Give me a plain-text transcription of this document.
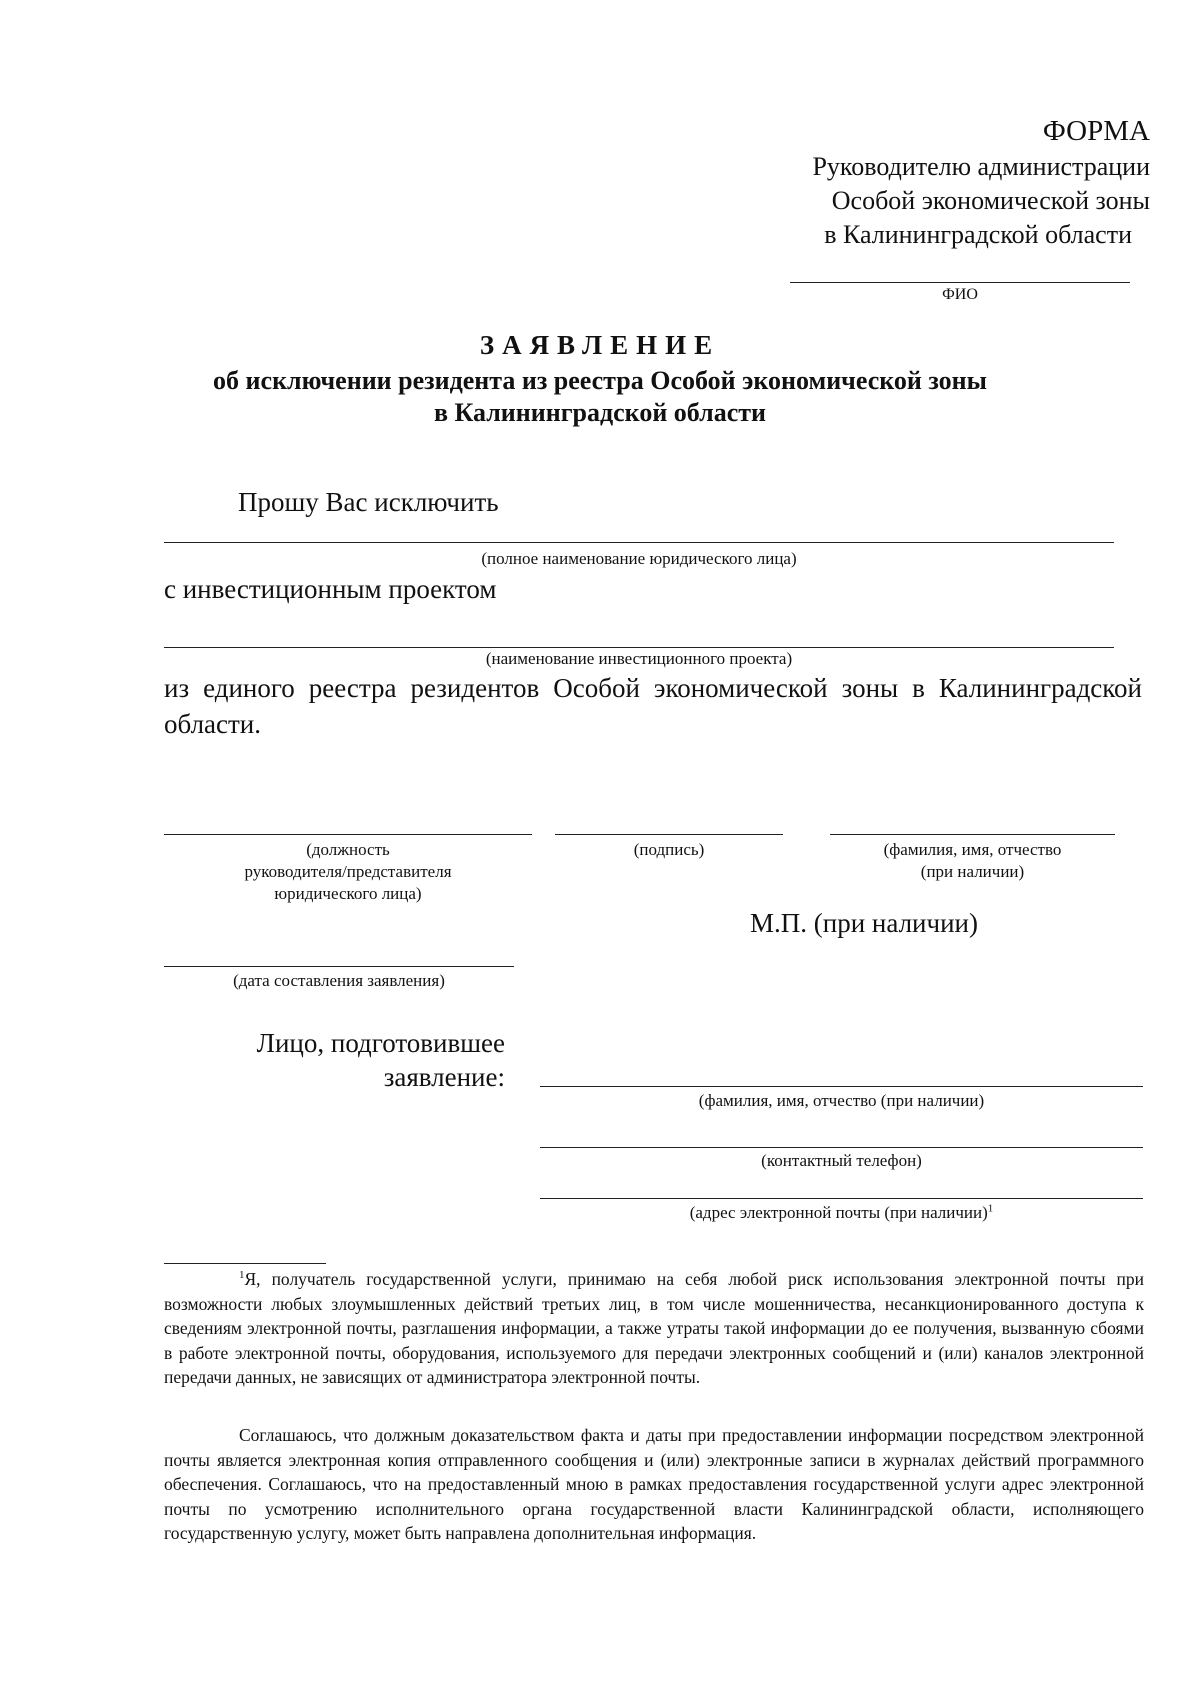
ФОРМА
Руководителю администрации
Особой экономической зоны
в Калининградской области
ФИО
ЗАЯВЛЕНИЕ
об исключении резидента из реестра Особой экономической зоны
в Калининградской области
Прошу Вас исключить
(полное наименование юридического лица)
с инвестиционным проектом
(наименование инвестиционного проекта)
из единого реестра резидентов Особой экономической зоны в Калининградской области.
(должность
руководителя/представителя
юридического лица)
(подпись)	(фамилия, имя, отчество
(при наличии)
М.П. (при наличии)
(дата составления заявления)
Лицо, подготовившее
заявление:
(фамилия, имя, отчество (при наличии)
(контактный телефон)
(адрес электронной почты (при наличии)$^1$
$^1$Я, получатель государственной услуги, принимаю на себя любой риск использования электронной почты при возможности любых злоумышленных действий третьих лиц, в том числе мошенничества, несанкционированного доступа к сведениям электронной почты, разглашения информации, а также утраты такой информации до ее получения, вызванную сбоями в работе электронной почты, оборудования, используемого для передачи электронных сообщений и (или) каналов электронной передачи данных, не зависящих от администратора электронной почты.
Соглашаюсь, что должным доказательством факта и даты при предоставлении информации посредством электронной почты является электронная копия отправленного сообщения и (или) электронные записи в журналах действий программного обеспечения. Соглашаюсь, что на предоставленный мною в рамках предоставления государственной услуги адрес электронной почты по усмотрению исполнительного органа государственной власти Калининградской области, исполняющего государственную услугу, может быть направлена дополнительная информация.
